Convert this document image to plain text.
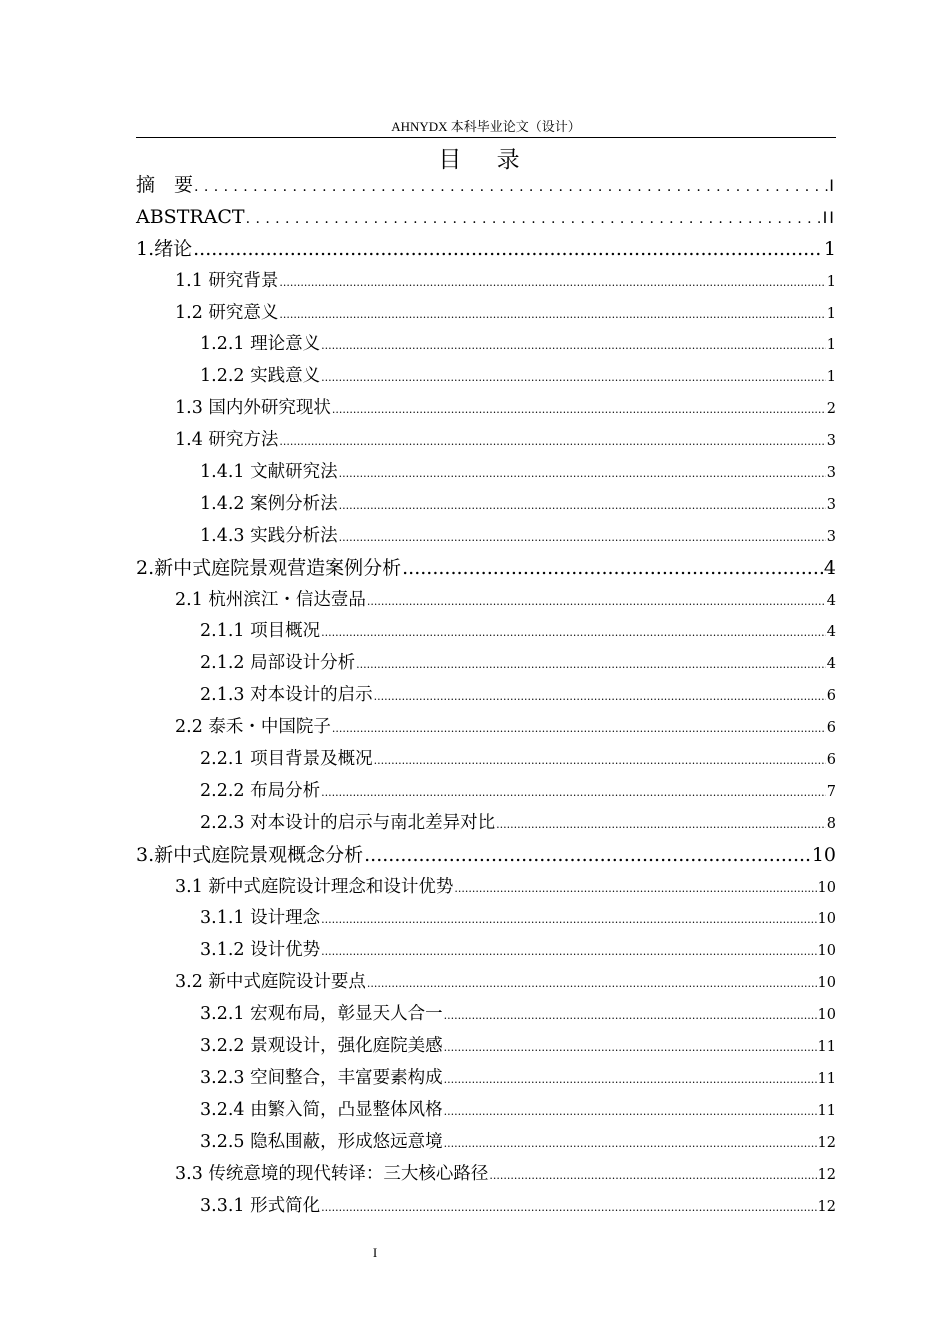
AHNYDX 本科毕业论文（设计）
目 录
摘　要 .....	I
ABSTRACT .....	II
1.绪论 .....	1
1.1 研究背景 .....	1
1.2 研究意义 .....	1
1.2.1 理论意义 .....	1
1.2.2 实践意义 .....	1
1.3 国内外研究现状 .....	2
1.4 研究方法 .....	3
1.4.1 文献研究法 .....	3
1.4.2 案例分析法 .....	3
1.4.3 实践分析法 .....	3
2.新中式庭院景观营造案例分析 .....	4
2.1 杭州滨江・信达壹品 .....	4
2.1.1 项目概况 .....	4
2.1.2 局部设计分析 .....	4
2.1.3 对本设计的启示 .....	6
2.2 泰禾・中国院子 .....	6
2.2.1 项目背景及概况 .....	6
2.2.2 布局分析 .....	7
2.2.3 对本设计的启示与南北差异对比 .....	8
3.新中式庭院景观概念分析 .....	10
3.1 新中式庭院设计理念和设计优势 .....	10
3.1.1 设计理念 .....	10
3.1.2 设计优势 .....	10
3.2 新中式庭院设计要点 .....	10
3.2.1 宏观布局，彰显天人合一 .....	10
3.2.2 景观设计，强化庭院美感 .....	11
3.2.3 空间整合，丰富要素构成 .....	11
3.2.4 由繁入简，凸显整体风格 .....	11
3.2.5 隐私围蔽，形成悠远意境 .....	12
3.3 传统意境的现代转译：三大核心路径 .....	12
3.3.1 形式简化 .....	12
I
